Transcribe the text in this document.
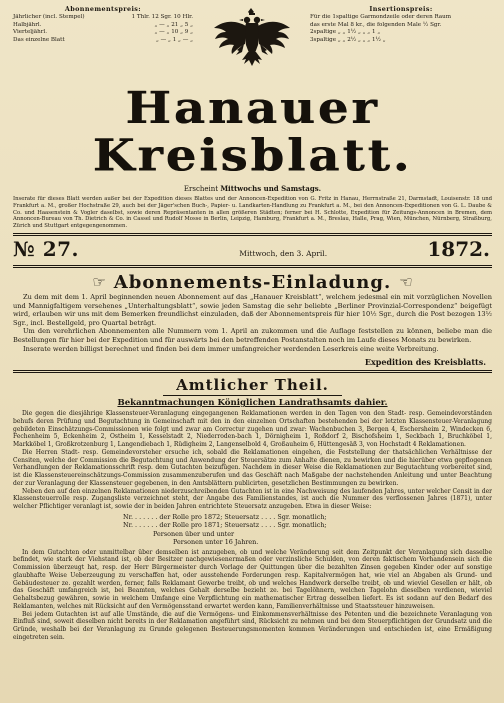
Abonnementspreis:
Jährlicher (incl. Stempel)	1 Thlr. 12 Sgr. 10 Hlr.
Halbjährl.	„ — „ 21 „ 5 „
Vierteljährl.	„ — „ 10 „ 9 „
Das einzelne Blatt	„ — „ 1 „ — „
Insertionspreis:
Für die 1spaltige Garmondzeile oder deren Raum
das erste Mal 8 kr., die folgenden Male ½ Sgr.
2spaltige „ „ 1½ „ „ „ 1 „
3spaltige „ „ 2½ „ „ „ 1½ „
Hanauer Kreisblatt.
Erscheint Mittwochs und Samstags.
Inserate für dieses Blatt werden außer bei der Expedition dieses Blattes und der Annoncen-Expedition von G. Fritz in Hanau, Herrnstraße 21, Darmstadt, Louisenstr. 18 und Frankfurt a. M., großer Hochstraße 29, auch bei der Jäger'schen Buch-, Papier- u. Landkarten-Handlung zu Frankfurt a. M., bei den Annoncen-Expeditionen von G. L. Daube & Co. und Haasenstein & Vogler daselbst, sowie deren Repräsentanten in allen größeren Städten; ferner bei H. Schlotte, Expedition für Zeitungs-Annoncen in Bremen, dem Annoncen-Bureau von Th. Dietrich & Co. in Cassel und Rudolf Mosse in Berlin, Leipzig, Hamburg, Frankfurt a. M., Breslau, Halle, Prag, Wien, München, Nürnberg, Straßburg, Zürich und Stuttgart entgegengenommen.
№ 27.	Mittwoch, den 3. April.	1872.
☞ Abonnements-Einladung. ☜

Zu dem mit dem 1. April beginnenden neuen Abonnement auf das „Hanauer Kreisblatt“, welchem jedesmal ein mit vorzüglichen Novellen und Mannigfaltigem versehenes „Unterhaltungsblatt“, sowie jeden Samstag die sehr beliebte „Berliner Provinzial-Correspondenz“ beigefügt wird, erlauben wir uns mit dem Bemerken freundlichst einzuladen, daß der Abonnementspreis für hier 10½ Sgr., durch die Post bezogen 13½ Sgr., incl. Bestellgeld, pro Quartal beträgt.

Um den verehrlichen Abonnementen alle Nummern vom 1. April an zukommen und die Auflage feststellen zu können, beliebe man die Bestellungen für hier bei der Expedition und für auswärts bei den betreffenden Postanstalten noch im Laufe dieses Monats zu bewirken.

Inserate werden billigst berechnet und finden bei dem immer umfangreicher werdenden Leserkreis eine weite Verbreitung.

Expedition des Kreisblatts.
Amtlicher Theil.
Bekanntmachungen Königlichen Landrathsamts dahier.

Die gegen die diesjährige Klassensteuer-Veranlagung eingegangenen Reklamationen werden in den Tagen von den Stadt- resp. Gemeindevorständen behufs deren Prüfung und Begutachtung in Gemeinschaft mit den in den einzelnen Ortschaften bestehenden bei der letzten Klassensteuer-Veranlagung gebildeten Einschätzungs-Commissionen wie folgt und zwar am Correctur zugehen und zwar: Wachenbuchen 3, Bergen 4, Eschersheim 2, Windecken 6, Fechenheim 5, Eckenheim 2, Ostheim 1, Kesselstadt 2, Niederroden-bach 1, Dörnigheim 1, Roßdorf 2, Bischofsheim 1, Seckbach 1, Bruchköbel 1, Markköbel 1, Großkrotzenburg 1, Langendiebach 1, Rüdigheim 2, Langenselbold 4, Großauheim 6, Hüttengesäß 3, von Hochstadt 4 Reklamationen.

Die Herren Stadt- resp. Gemeindevorsteher ersuche ich, sobald die Reklamationen eingehen, die Feststellung der thatsächlichen Verhältnisse der Censiten, welche der Commission die Begutachtung und Anwendung der Steuersätze zum Anhalte dienen, zu bewirken und die hierüber etwa gepflogenen Verhandlungen der Reklamationsschrift resp. dem Gutachten beizufügen. Nachdem in dieser Weise die Reklamationen zur Begutachtung vorbereitet sind, ist die Klassensteuereinschätzungs-Commission zusammenzuberufen und das Geschäft nach Maßgabe der nachstehenden Anleitung und unter Beachtung der zur Veranlagung der Klassensteuer gegebenen, in den Amtsblättern publicirten, gesetzlichen Bestimmungen zu bewirken.

Neben den auf den einzelnen Reklamationen niederzuschreibenden Gutachten ist in eine Nachweisung des laufenden Jahres, unter welcher Censit in der Klassensteuerrolle resp. Zugangsliste verzeichnet steht, der Angabe des Familienstandes, ist auch die Nummer des verflossenen Jahres (1871), unter welcher Pflichtiger veranlagt ist, sowie der in beiden Jahren entrichtete Steuersatz anzugeben. Etwa in dieser Weise:

Nr. . . . . . . der Rolle pro 1872; Steuersatz . . . . Sgr. monatlich;
Nr. . . . . . . der Rolle pro 1871; Steuersatz . . . . Sgr. monatlich;
Personen über und unter
Personen unter 16 Jahren.

In dem Gutachten oder unmittelbar über demselben ist anzugeben, ob und welche Veränderung seit dem Zeitpunkt der Veranlagung sich dasselbe befindet, wie stark der Viehstand ist, ob der Besitzer nachgewiesenermaßen oder verzinsliche Schulden, von deren faktischem Vorhandensein sich die Commission überzeugt hat, resp. der Herr Bürgermeister durch Vorlage der Quittungen über die bezahlten Zinsen gegeben Kinder oder auf sonstige glaubhafte Weise Ueberzeugung zu verschaffen hat, oder ausstehende Forderungen resp. Kapitalvermögen hat, wie viel an Abgaben als Grund- und Gebäudesteuer ze. gezahlt werden, ferner, falls Reklamant Gewerbe treibt, ob und welches Handwerk derselbe treibt, ob und wieviel Gesellen er hält, ob das Geschäft umfangreich ist, bei Beamten, welches Gehalt derselbe bezieht ze. bei Tagelöhnern, welchen Tagelohn dieselben verdienen, wieviel Gehaltsbezug gewähren, sowie in welchem Umfange eine Verpflichtung ein mathematischer Ertrag desselben liefert. Es ist sodann auf den Bedarf des Reklamanten, welches mit Rücksicht auf den Vermögensstand erwartet werden kann, Familienverhältnisse und Staatssteuer hinzuweisen.

Bei jedem Gutachten ist auf alle Umstände, die auf die Vermögens- und Einkommensverhältnisse des Petenten und die bezeichnete Veranlagung von Einfluß sind, soweit dieselben nicht bereits in der Reklamation angeführt sind, Rücksicht zu nehmen und bei dem Steuerpflichtigen der Grundsatz und die Gründe, weshalb bei der Veranlagung zu Grunde gelegenen Besteuerungsmomenten kommen Veränderungen und entschieden ist, eine Ermäßigung eingetreten sein.
